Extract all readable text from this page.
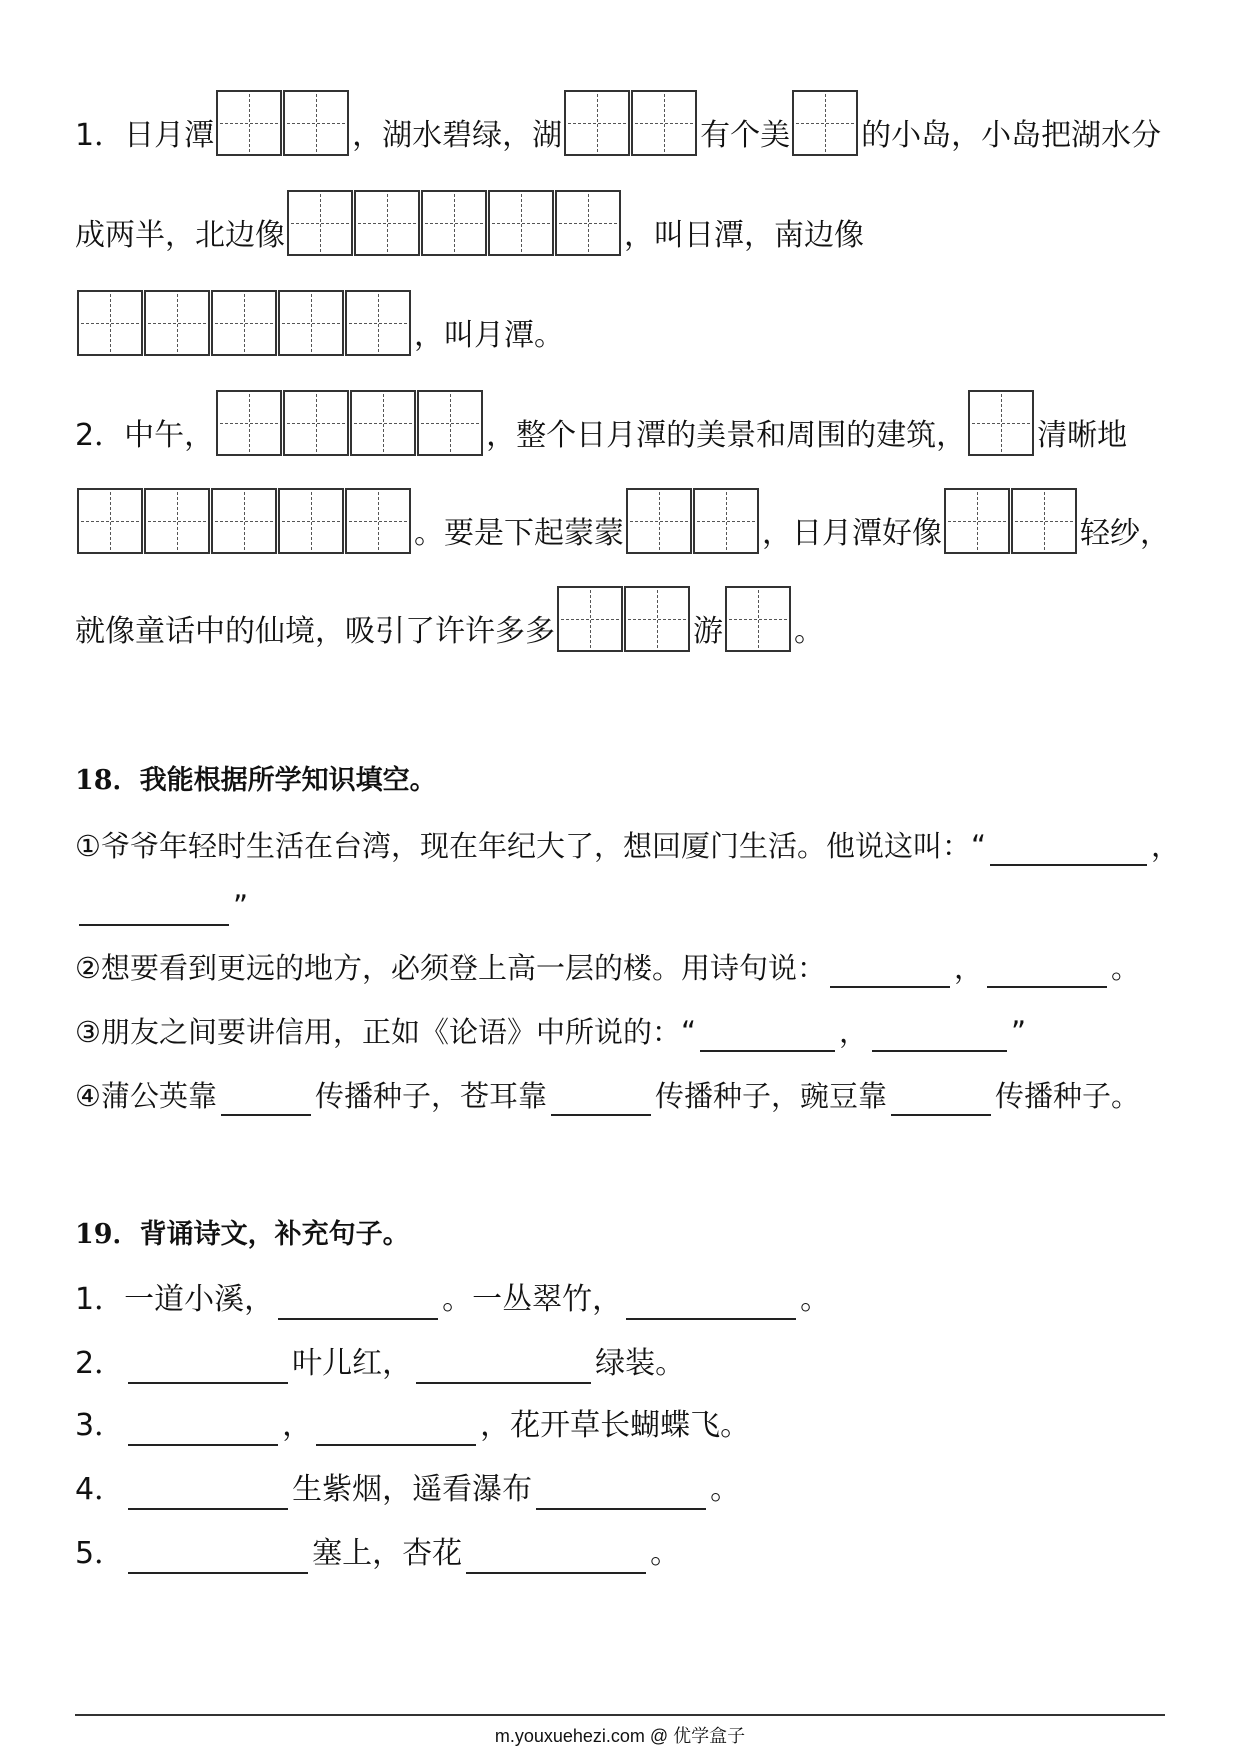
1．日月潭	，湖水碧绿，湖	有个美 的小岛，小岛把湖水分
成两半，北边像	，叫日潭，南边像
，叫月潭。
2．中午，	，整个日月潭的美景和周围的建筑， 清晰地
。要是下起蒙蒙	，日月潭好像	轻纱，
就像童话中的仙境，吸引了许许多多	游 。
18．我能根据所学知识填空。
①爷爷年轻时生活在台湾，现在年纪大了，想回厦门生活。他说这叫：“	，
”
②想要看到更远的地方，必须登上高一层的楼。用诗句说：	，	。
③朋友之间要讲信用，正如《论语》中所说的：“	，	”
④蒲公英靠	传播种子，苍耳靠	传播种子，豌豆靠	传播种子。
19．背诵诗文，补充句子。
1．一道小溪，	。一丛翠竹，	。
2．	叶儿红，	绿装。
3．	，	，花开草长蝴蝶飞。
4．	生紫烟，遥看瀑布	。
5．	塞上，杏花	。
m.youxuehezi.com @ 优学盒子
